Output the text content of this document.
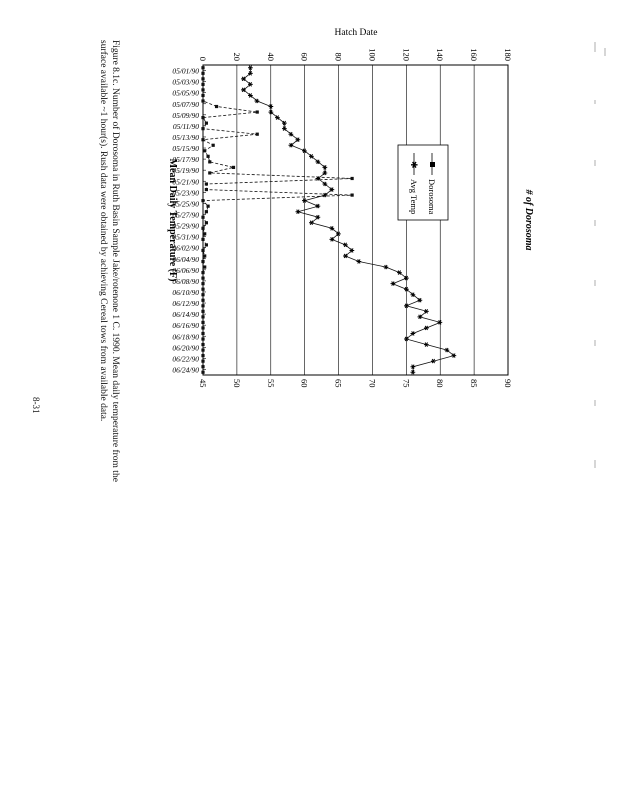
0	20	40	60	80	100	120	140	160	180
45	50	55	60	65	70	75	80	85	90
05/01/90
05/03/90
05/05/90
05/07/90
05/09/90
05/11/90
05/13/90
05/15/90
05/17/90
05/19/90
05/21/90
05/23/90
05/25/90
05/27/90
05/29/90
05/31/90
06/02/90
06/04/90
06/06/90
06/08/90
06/10/90
06/12/90
06/14/90
06/16/90
06/18/90
06/20/90
06/22/90
06/24/90
✱
✱
✱
✱
✱
✱
✱
✱
✱
✱
✱
✱
✱
✱
✱
✱
✱
✱
✱
✱
✱
✱
✱
✱
✱
✱
✱
✱
✱
✱
✱
✱
✱
✱
✱
✱
✱
✱
✱
✱
✱
✱
✱
✱
✱
✱
✱
✱
✱
✱
✱
✱
✱
✱
✱
✱
Dorosoma
✱
Avg Temp	# of Dorosoma
Mean Daily Temperature (F)
Hatch Date
Figure 8.1c. Number of Dorosoma in Ruth Basin Sample Jake/rotenone 1 C. 1990. Mean daily temperature from the
surface available ~1 hour(s). Rush data were obtained by achieving Cereal tows from available data.
8-31
